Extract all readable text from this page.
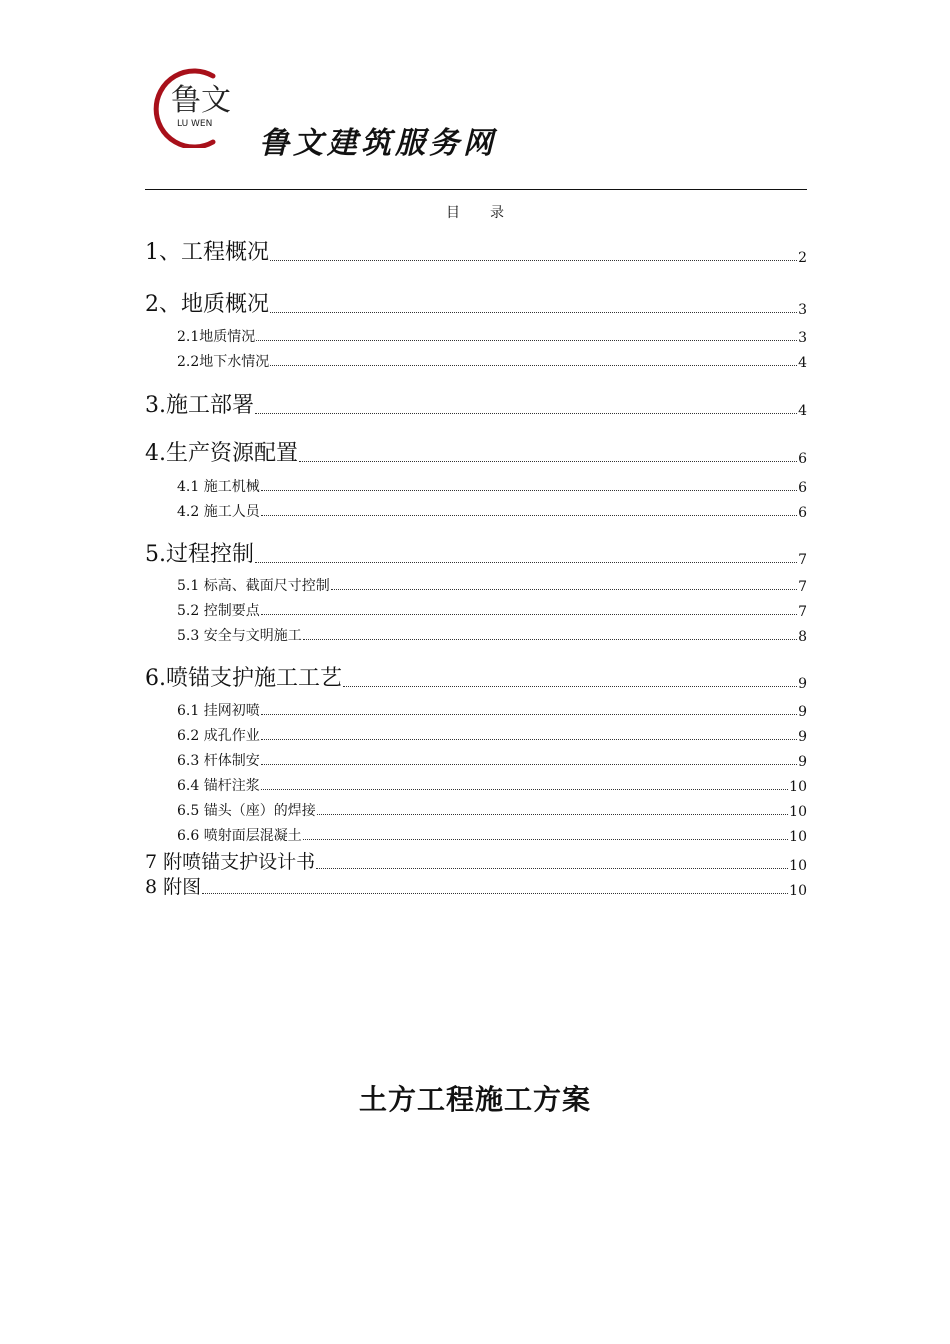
鲁文
LU WEN
鲁文建筑服务网
目录
1、工程概况	2
2、地质概况	3
2.1地质情况	3
2.2地下水情况	4
3.施工部署	4
4.生产资源配置	6
4.1 施工机械	6
4.2 施工人员	6
5.过程控制	7
5.1 标高、截面尺寸控制	7
5.2 控制要点	7
5.3 安全与文明施工	8
6.喷锚支护施工工艺	9
6.1 挂网初喷	9
6.2 成孔作业	9
6.3 杆体制安	9
6.4 锚杆注浆	10
6.5 锚头（座）的焊接	10
6.6 喷射面层混凝土	10
7 附喷锚支护设计书	10
8 附图	10
土方工程施工方案
